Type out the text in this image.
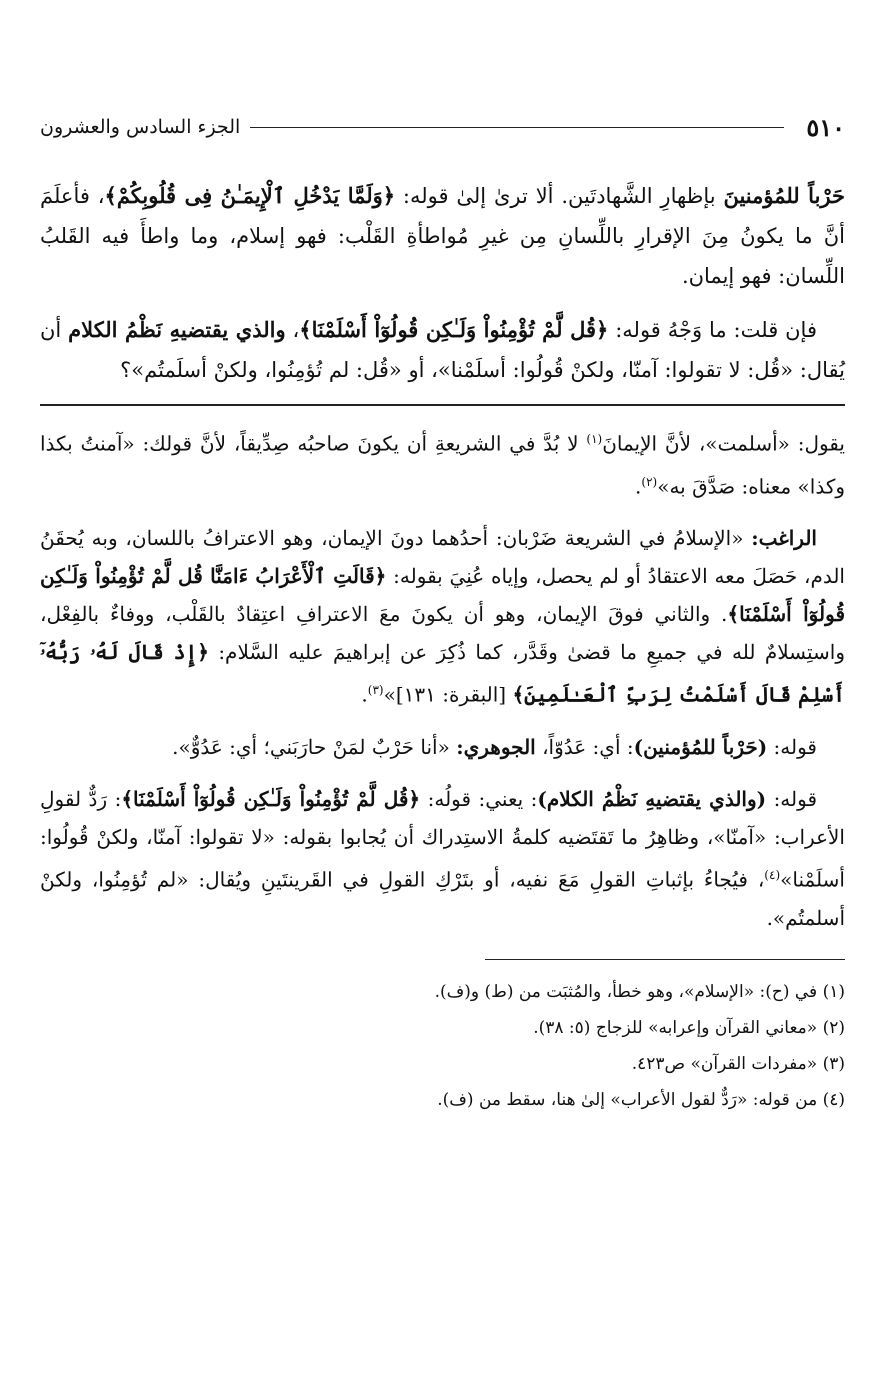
٥١٠
الجزء السادس والعشرون

حَرْباً للمُؤمنينَ بإظهارِ الشَّهادتَين. ألا ترىٰ إلىٰ قوله: ﴿وَلَمَّا يَدْخُلِ ٱلْإِيمَـٰنُ فِى قُلُوبِكُمْ﴾، فأعلَمَ أنَّ ما يكونُ مِنَ الإقرارِ باللِّسانِ مِن غيرِ مُواطأةِ القَلْب: فهو إسلام، وما واطأَ فيه القَلبُ اللِّسان: فهو إيمان.

فإن قلت: ما وَجْهُ قوله: ﴿قُل لَّمْ تُؤْمِنُواْ وَلَـٰكِن قُولُوٓاْ أَسْلَمْنَا﴾، والذي يقتضيهِ نَظْمُ الكلام أن يُقال: «قُل: لا تقولوا: آمنّا، ولكنْ قُولُوا: أسلَمْنا»، أو «قُل: لم تُؤمِنُوا، ولكنْ أسلَمتُم»؟

يقول: «أسلمت»، لأنَّ الإيمانَ$^{(١)}$ لا بُدَّ في الشريعةِ أن يكونَ صاحبُه صِدِّيقاً، لأنَّ قولك: «آمنتُ بكذا وكذا» معناه: صَدَّقَ به»$^{(٢)}$.

الراغب: «الإسلامُ في الشريعة ضَرْبان: أحدُهما دونَ الإيمان، وهو الاعترافُ باللسان، وبه يُحقَنُ الدم، حَصَلَ معه الاعتقادُ أو لم يحصل، وإياه عُنِيَ بقوله: ﴿قَالَتِ ٱلْأَعْرَابُ ءَامَنَّا قُل لَّمْ تُؤْمِنُواْ وَلَـٰكِن قُولُوٓاْ أَسْلَمْنَا﴾. والثاني فوقَ الإيمان، وهو أن يكونَ معَ الاعترافِ اعتِقادٌ بالقَلْب، ووفاءٌ بالفِعْل، واستِسلامٌ لله في جميعِ ما قضىٰ وقَدَّر، كما ذُكِرَ عن إبراهيمَ عليه السَّلام: ﴿إِذْ قَالَ لَهُۥ رَبُّهُۥٓ أَسْلِمْ قَالَ أَسْلَمْتُ لِرَبِّ ٱلْعَـٰلَمِينَ﴾ [البقرة: ١٣١]»$^{(٣)}$.

قوله: (حَرْباً للمُؤمنين): أي: عَدُوّاً، الجوهري: «أنا حَرْبٌ لمَنْ حارَبَني؛ أي: عَدُوٌّ».

قوله: (والذي يقتضيهِ نَظْمُ الكلام): يعني: قولُه: ﴿قُل لَّمْ تُؤْمِنُواْ وَلَـٰكِن قُولُوٓاْ أَسْلَمْنَا﴾: رَدٌّ لقولِ الأعراب: «آمنّا»، وظاهِرُ ما تَقتَضيه كلمةُ الاستِدراك أن يُجابوا بقوله: «لا تقولوا: آمنّا، ولكنْ قُولُوا: أسلَمْنا»$^{(٤)}$، فيُجاءُ بإثباتِ القولِ مَعَ نفيه، أو بتَرْكِ القولِ في القَرينتَينِ ويُقال: «لم تُؤمِنُوا، ولكنْ أسلمتُم».

(١) في (ح): «الإسلام»، وهو خطأ، والمُثبَت من (ط) و(ف).

(٢) «معاني القرآن وإعرابه» للزجاج (٥: ٣٨).

(٣) «مفردات القرآن» ص٤٢٣.

(٤) من قوله: «رَدٌّ لقول الأعراب» إلىٰ هنا، سقط من (ف).
